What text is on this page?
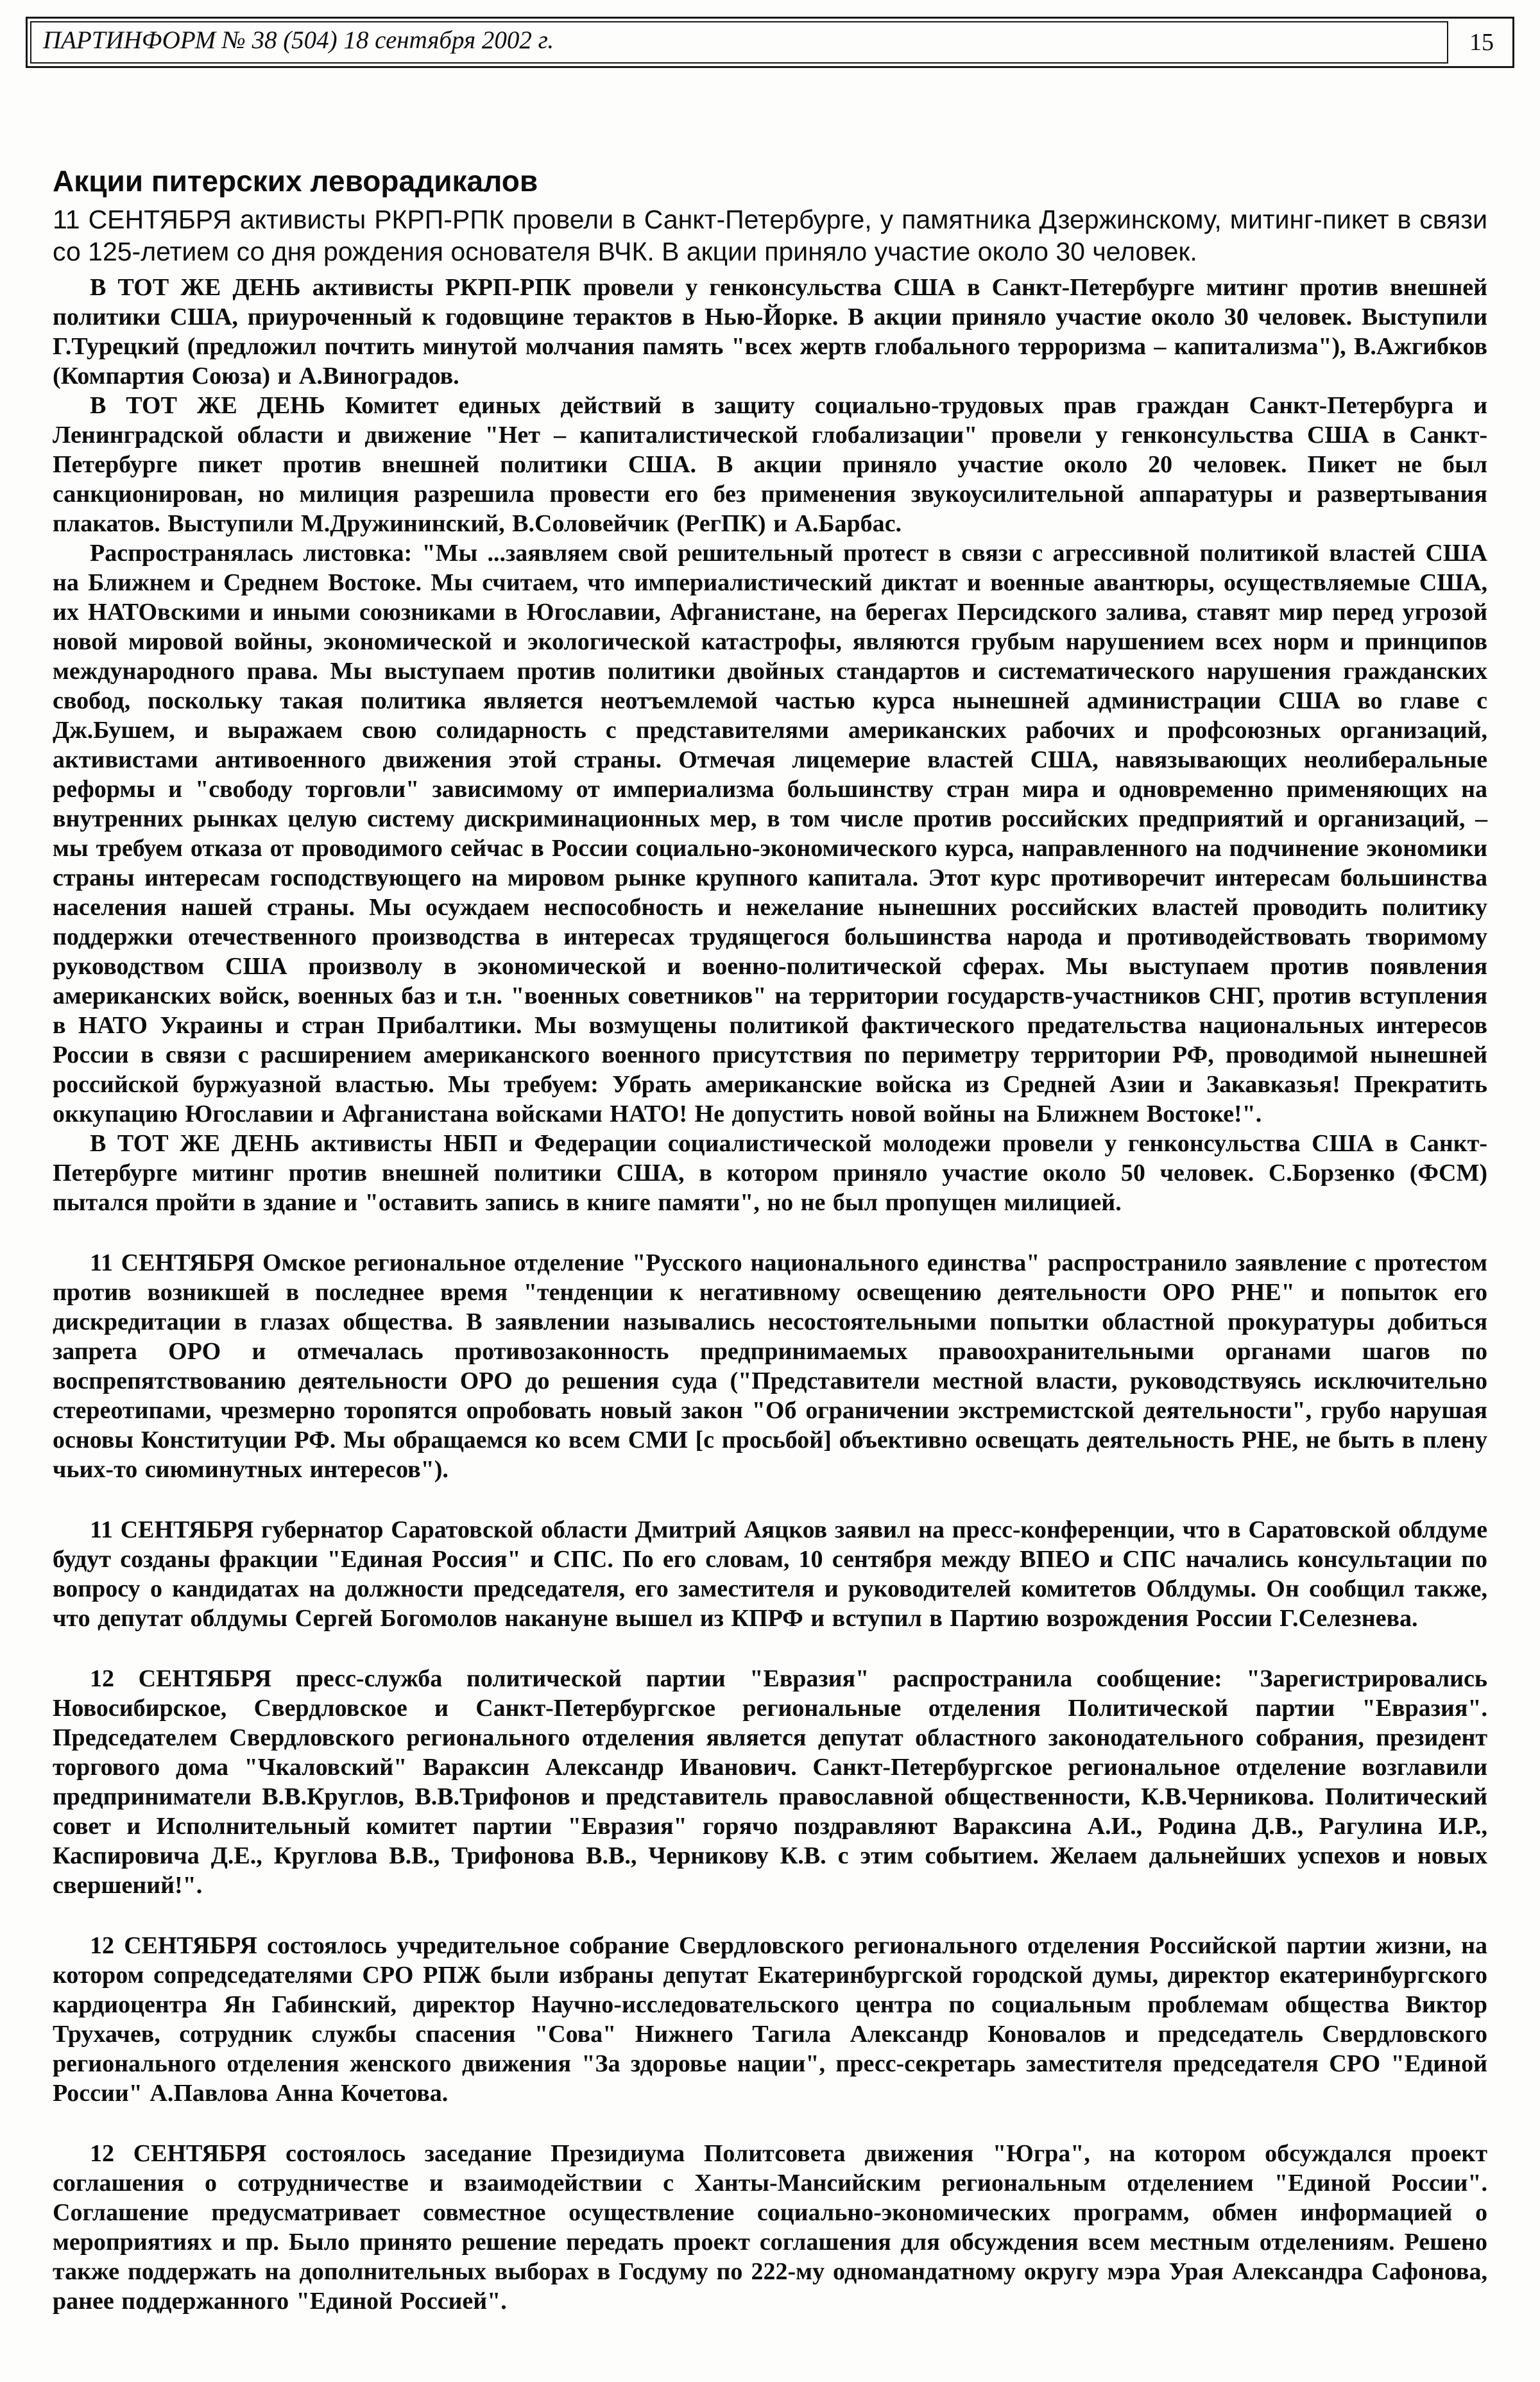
ПАРТИНФОРМ № 38 (504) 18 сентября 2002 г.	15
Акции питерских леворадикалов

11 СЕНТЯБРЯ активисты РКРП-РПК провели в Санкт-Петербурге, у памятника Дзержинскому, митинг-пикет в связи со 125-летием со дня рождения основателя ВЧК. В акции приняло участие около 30 человек.

В ТОТ ЖЕ ДЕНЬ активисты РКРП-РПК провели у генконсульства США в Санкт-Петербурге митинг против внешней политики США, приуроченный к годовщине терактов в Нью-Йорке. В акции приняло участие около 30 человек. Выступили Г.Турецкий (предложил почтить минутой молчания память "всех жертв глобального терроризма – капитализма"), В.Ажгибков (Компартия Союза) и А.Виноградов.

В ТОТ ЖЕ ДЕНЬ Комитет единых действий в защиту социально-трудовых прав граждан Санкт-Петербурга и Ленинградской области и движение "Нет – капиталистической глобализации" провели у генконсульства США в Санкт-Петербурге пикет против внешней политики США. В акции приняло участие около 20 человек. Пикет не был санкционирован, но милиция разрешила провести его без применения звукоусилительной аппаратуры и развертывания плакатов. Выступили М.Дружининский, В.Соловейчик (РегПК) и А.Барбас.

Распространялась листовка: "Мы ...заявляем свой решительный протест в связи с агрессивной политикой властей США на Ближнем и Среднем Востоке. Мы считаем, что империалистический диктат и военные авантюры, осуществляемые США, их НАТОвскими и иными союзниками в Югославии, Афганистане, на берегах Персидского залива, ставят мир перед угрозой новой мировой войны, экономической и экологической катастрофы, являются грубым нарушением всех норм и принципов международного права. Мы выступаем против политики двойных стандартов и систематического нарушения гражданских свобод, поскольку такая политика является неотъемлемой частью курса нынешней администрации США во главе с Дж.Бушем, и выражаем свою солидарность с представителями американских рабочих и профсоюзных организаций, активистами антивоенного движения этой страны. Отмечая лицемерие властей США, навязывающих неолиберальные реформы и "свободу торговли" зависимому от империализма большинству стран мира и одновременно применяющих на внутренних рынках целую систему дискриминационных мер, в том числе против российских предприятий и организаций, – мы требуем отказа от проводимого сейчас в России социально-экономического курса, направленного на подчинение экономики страны интересам господствующего на мировом рынке крупного капитала. Этот курс противоречит интересам большинства населения нашей страны. Мы осуждаем неспособность и нежелание нынешних российских властей проводить политику поддержки отечественного производства в интересах трудящегося большинства народа и противодействовать творимому руководством США произволу в экономической и военно-политической сферах. Мы выступаем против появления американских войск, военных баз и т.н. "военных советников" на территории государств-участников СНГ, против вступления в НАТО Украины и стран Прибалтики. Мы возмущены политикой фактического предательства национальных интересов России в связи с расширением американского военного присутствия по периметру территории РФ, проводимой нынешней российской буржуазной властью. Мы требуем: Убрать американские войска из Средней Азии и Закавказья! Прекратить оккупацию Югославии и Афганистана войсками НАТО! Не допустить новой войны на Ближнем Востоке!".

В ТОТ ЖЕ ДЕНЬ активисты НБП и Федерации социалистической молодежи провели у генконсульства США в Санкт-Петербурге митинг против внешней политики США, в котором приняло участие около 50 человек. С.Борзенко (ФСМ) пытался пройти в здание и "оставить запись в книге памяти", но не был пропущен милицией.

11 СЕНТЯБРЯ Омское региональное отделение "Русского национального единства" распространило заявление с протестом против возникшей в последнее время "тенденции к негативному освещению деятельности ОРО РНЕ" и попыток его дискредитации в глазах общества. В заявлении назывались несостоятельными попытки областной прокуратуры добиться запрета ОРО и отмечалась противозаконность предпринимаемых правоохранительными органами шагов по воспрепятствованию деятельности ОРО до решения суда ("Представители местной власти, руководствуясь исключительно стереотипами, чрезмерно торопятся опробовать новый закон "Об ограничении экстремистской деятельности", грубо нарушая основы Конституции РФ. Мы обращаемся ко всем СМИ [с просьбой] объективно освещать деятельность РНЕ, не быть в плену чьих-то сиюминутных интересов").

11 СЕНТЯБРЯ губернатор Саратовской области Дмитрий Аяцков заявил на пресс-конференции, что в Саратовской облдуме будут созданы фракции "Единая Россия" и СПС. По его словам, 10 сентября между ВПЕО и СПС начались консультации по вопросу о кандидатах на должности председателя, его заместителя и руководителей комитетов Облдумы. Он сообщил также, что депутат облдумы Сергей Богомолов накануне вышел из КПРФ и вступил в Партию возрождения России Г.Селезнева.

12 СЕНТЯБРЯ пресс-служба политической партии "Евразия" распространила сообщение: "Зарегистрировались Новосибирское, Свердловское и Санкт-Петербургское региональные отделения Политической партии "Евразия". Председателем Свердловского регионального отделения является депутат областного законодательного собрания, президент торгового дома "Чкаловский" Вараксин Александр Иванович. Санкт-Петербургское региональное отделение возглавили предприниматели В.В.Круглов, В.В.Трифонов и представитель православной общественности, К.В.Черникова. Политический совет и Исполнительный комитет партии "Евразия" горячо поздравляют Вараксина А.И., Родина Д.В., Рагулина И.Р., Каспировича Д.Е., Круглова В.В., Трифонова В.В., Черникову К.В. с этим событием. Желаем дальнейших успехов и новых свершений!".

12 СЕНТЯБРЯ состоялось учредительное собрание Свердловского регионального отделения Российской партии жизни, на котором сопредседателями СРО РПЖ были избраны депутат Екатеринбургской городской думы, директор екатеринбургского кардиоцентра Ян Габинский, директор Научно-исследовательского центра по социальным проблемам общества Виктор Трухачев, сотрудник службы спасения "Сова" Нижнего Тагила Александр Коновалов и председатель Свердловского регионального отделения женского движения "За здоровье нации", пресс-секретарь заместителя председателя СРО "Единой России" А.Павлова Анна Кочетова.

12 СЕНТЯБРЯ состоялось заседание Президиума Политсовета движения "Югра", на котором обсуждался проект соглашения о сотрудничестве и взаимодействии с Ханты-Мансийским региональным отделением "Единой России". Соглашение предусматривает совместное осуществление социально-экономических программ, обмен информацией о мероприятиях и пр. Было принято решение передать проект соглашения для обсуждения всем местным отделениям. Решено также поддержать на дополнительных выборах в Госдуму по 222-му одномандатному округу мэра Урая Александра Сафонова, ранее поддержанного "Единой Россией".
